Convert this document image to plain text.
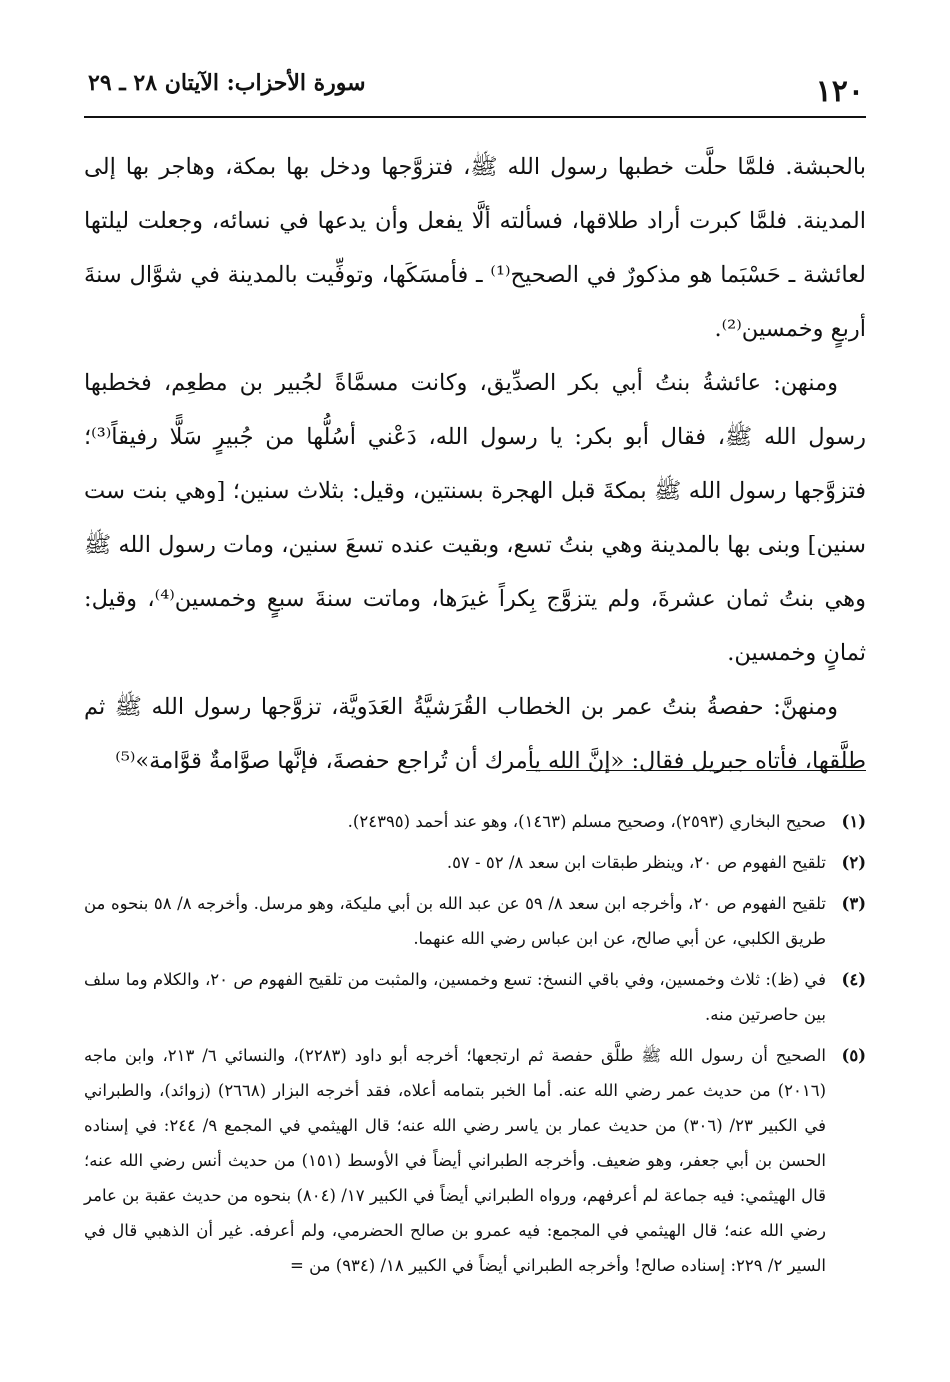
١٢٠
سورة الأحزاب: الآيتان ٢٨ ـ ٢٩

بالحبشة. فلمَّا حلَّت خطبها رسول الله ﷺ، فتزوَّجها ودخل بها بمكة، وهاجر بها إلى المدينة. فلمَّا كبرت أراد طلاقها، فسألته ألَّا يفعل وأن يدعها في نسائه، وجعلت ليلتها لعائشة ـ حَسْبَما هو مذكورٌ في الصحيح⁽¹⁾ ـ فأمسَكَها، وتوفِّيت بالمدينة في شوَّال سنةَ أربعٍ وخمسين⁽²⁾.

ومنهن: عائشةُ بنتُ أبي بكر الصدِّيق، وكانت مسمَّاةً لجُبير بن مطعِم، فخطبها رسول الله ﷺ، فقال أبو بكر: يا رسول الله، دَعْني أسُلُّها من جُبيرٍ سَلًّا رفيقاً⁽³⁾؛ فتزوَّجها رسول الله ﷺ بمكةَ قبل الهجرة بسنتين، وقيل: بثلاث سنين؛ [وهي بنت ست سنين] وبنى بها بالمدينة وهي بنتُ تسع، وبقيت عنده تسعَ سنين، ومات رسول الله ﷺ وهي بنتُ ثمان عشرةَ، ولم يتزوَّج بِكراً غيرَها، وماتت سنةَ سبعٍ وخمسين⁽⁴⁾، وقيل: ثمانٍ وخمسين.

ومنهنَّ: حفصةُ بنتُ عمر بن الخطاب القُرَشيَّةُ العَدَويَّة، تزوَّجها رسول الله ﷺ ثم طلَّقها، فأتاه جبريل فقال: «إنَّ الله يأمرك أن تُراجع حفصةَ، فإنَّها صوَّامةٌ قوَّامة»⁽⁵⁾

(١)
صحيح البخاري (٢٥٩٣)، وصحيح مسلم (١٤٦٣)، وهو عند أحمد (٢٤٣٩٥).
(٢)
تلقيح الفهوم ص ٢٠، وينظر طبقات ابن سعد ٨/ ٥٢ - ٥٧.
(٣)
تلقيح الفهوم ص ٢٠، وأخرجه ابن سعد ٨/ ٥٩ عن عبد الله بن أبي مليكة، وهو مرسل. وأخرجه ٨/ ٥٨ بنحوه من طريق الكلبي، عن أبي صالح، عن ابن عباس رضي الله عنهما.
(٤)
في (ظ): ثلاث وخمسين، وفي باقي النسخ: تسع وخمسين، والمثبت من تلقيح الفهوم ص ٢٠، والكلام وما سلف بين حاصرتين منه.
(٥)
الصحيح أن رسول الله ﷺ طلَّق حفصة ثم ارتجعها؛ أخرجه أبو داود (٢٢٨٣)، والنسائي ٦/ ٢١٣، وابن ماجه (٢٠١٦) من حديث عمر رضي الله عنه. أما الخبر بتمامه أعلاه، فقد أخرجه البزار (٢٦٦٨) (زوائد)، والطبراني في الكبير ٢٣/ (٣٠٦) من حديث عمار بن ياسر رضي الله عنه؛ قال الهيثمي في المجمع ٩/ ٢٤٤: في إسناده الحسن بن أبي جعفر، وهو ضعيف. وأخرجه الطبراني أيضاً في الأوسط (١٥١) من حديث أنس رضي الله عنه؛ قال الهيثمي: فيه جماعة لم أعرفهم، ورواه الطبراني أيضاً في الكبير ١٧/ (٨٠٤) بنحوه من حديث عقبة بن عامر رضي الله عنه؛ قال الهيثمي في المجمع: فيه عمرو بن صالح الحضرمي، ولم أعرفه. غير أن الذهبي قال في السير ٢/ ٢٢٩: إسناده صالح! وأخرجه الطبراني أيضاً في الكبير ١٨/ (٩٣٤) من =
